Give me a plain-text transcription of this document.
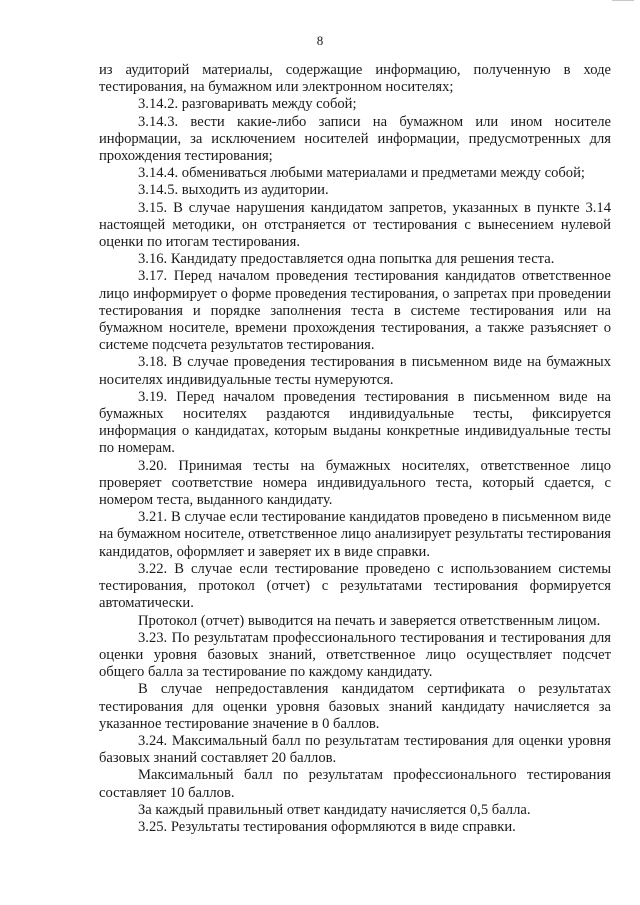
8

из аудиторий материалы, содержащие информацию, полученную в ходе тестирования, на бумажном или электронном носителях;

3.14.2. разговаривать между собой;

3.14.3. вести какие-либо записи на бумажном или ином носителе информации, за исключением носителей информации, предусмотренных для прохождения тестирования;

3.14.4. обмениваться любыми материалами и предметами между собой;

3.14.5. выходить из аудитории.

3.15. В случае нарушения кандидатом запретов, указанных в пункте 3.14 настоящей методики, он отстраняется от тестирования с вынесением нулевой оценки по итогам тестирования.

3.16. Кандидату предоставляется одна попытка для решения теста.

3.17. Перед началом проведения тестирования кандидатов ответственное лицо информирует о форме проведения тестирования, о запретах при проведении тестирования и порядке заполнения теста в системе тестирования или на бумажном носителе, времени прохождения тестирования, а также разъясняет о системе подсчета результатов тестирования.

3.18. В случае проведения тестирования в письменном виде на бумажных носителях индивидуальные тесты нумеруются.

3.19. Перед началом проведения тестирования в письменном виде на бумажных носителях раздаются индивидуальные тесты, фиксируется информация о кандидатах, которым выданы конкретные индивидуальные тесты по номерам.

3.20. Принимая тесты на бумажных носителях, ответственное лицо проверяет соответствие номера индивидуального теста, который сдается, с номером теста, выданного кандидату.

3.21. В случае если тестирование кандидатов проведено в письменном виде на бумажном носителе, ответственное лицо анализирует результаты тестирования кандидатов, оформляет и заверяет их в виде справки.

3.22. В случае если тестирование проведено с использованием системы тестирования, протокол (отчет) с результатами тестирования формируется автоматически.

Протокол (отчет) выводится на печать и заверяется ответственным лицом.

3.23. По результатам профессионального тестирования и тестирования для оценки уровня базовых знаний, ответственное лицо осуществляет подсчет общего балла за тестирование по каждому кандидату.

В случае непредоставления кандидатом сертификата о результатах тестирования для оценки уровня базовых знаний кандидату начисляется за указанное тестирование значение в 0 баллов.

3.24. Максимальный балл по результатам тестирования для оценки уровня базовых знаний составляет 20 баллов.

Максимальный балл по результатам профессионального тестирования составляет 10 баллов.

За каждый правильный ответ кандидату начисляется 0,5 балла.

3.25. Результаты тестирования оформляются в виде справки.
